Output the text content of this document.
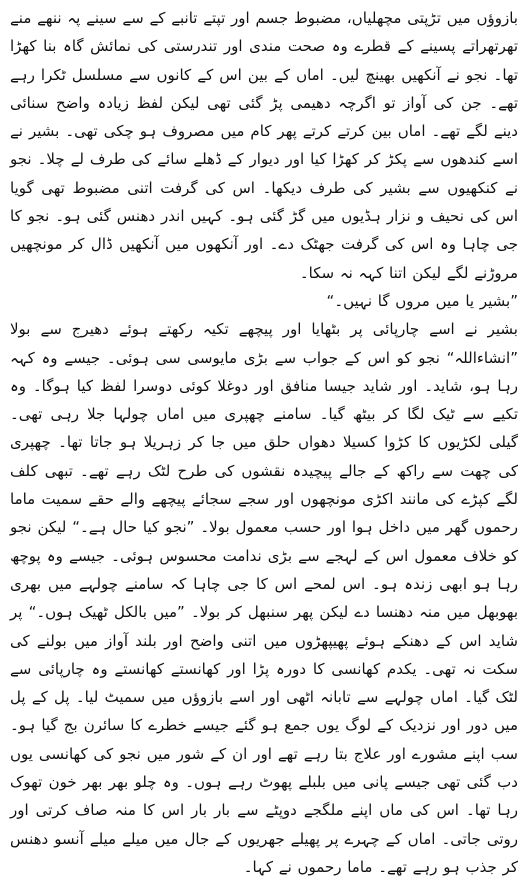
بازوؤں میں تڑپتی مچھلیاں، مضبوط جسم اور تپتے تانبے کے سے سینے پہ ننھے منے تھرتھراتے پسینے کے قطرے وہ صحت مندی اور تندرستی کی نمائش گاہ بنا کھڑا تھا۔ نجو نے آنکھیں بھینچ لیں۔ اماں کے بین اس کے کانوں سے مسلسل ٹکرا رہے تھے۔ جن کی آواز تو اگرچہ دھیمی پڑ گئی تھی لیکن لفظ زیادہ واضح سنائی دینے لگے تھے۔ اماں بین کرتے کرتے پھر کام میں مصروف ہو چکی تھی۔ بشیر نے اسے کندھوں سے پکڑ کر کھڑا کیا اور دیوار کے ڈھلے سائے کی طرف لے چلا۔ نجو نے کنکھیوں سے بشیر کی طرف دیکھا۔ اس کی گرفت اتنی مضبوط تھی گویا اس کی نحیف و نزار ہڈیوں میں گڑ گئی ہو۔ کہیں اندر دھنس گئی ہو۔ نجو کا جی چاہا وہ اس کی گرفت جھٹک دے۔ اور آنکھوں میں آنکھیں ڈال کر مونچھیں مروڑنے لگے لیکن اتنا کہہ نہ سکا۔

”بشیر یا میں مروں گا نہیں۔“

بشیر نے اسے چارپائی پر بٹھایا اور پیچھے تکیہ رکھتے ہوئے دھیرج سے بولا ”انشاءاللہ“ نجو کو اس کے جواب سے بڑی مایوسی سی ہوئی۔ جیسے وہ کہہ رہا ہو، شاید۔ اور شاید جیسا منافق اور دوغلا کوئی دوسرا لفظ کیا ہوگا۔ وہ تکیے سے ٹیک لگا کر بیٹھ گیا۔ سامنے چھپری میں اماں چولہا جلا رہی تھی۔ گیلی لکڑیوں کا کڑوا کسیلا دھواں حلق میں جا کر زہریلا ہو جاتا تھا۔ چھپری کی چھت سے راکھ کے جالے پیچیدہ نقشوں کی طرح لٹک رہے تھے۔ تبھی کلف لگے کپڑے کی مانند اکڑی مونچھوں اور سجے سجائے پیچھے والے حقے سمیت ماما رحموں گھر میں داخل ہوا اور حسب معمول بولا۔ ”نجو کیا حال ہے۔“ لیکن نجو کو خلاف معمول اس کے لہجے سے بڑی ندامت محسوس ہوئی۔ جیسے وہ پوچھ رہا ہو ابھی زندہ ہو۔ اس لمحے اس کا جی چاہا کہ سامنے چولہے میں بھری بھوبھل میں منہ دھنسا دے لیکن پھر سنبھل کر بولا۔ ”میں بالکل ٹھیک ہوں۔“ پر شاید اس کے دھنکے ہوئے پھیپھڑوں میں اتنی واضح اور بلند آواز میں بولنے کی سکت نہ تھی۔ یکدم کھانسی کا دورہ پڑا اور کھانستے کھانستے وہ چارپائی سے لٹک گیا۔ اماں چولہے سے تابانہ اٹھی اور اسے بازوؤں میں سمیٹ لیا۔ پل کے پل میں دور اور نزدیک کے لوگ یوں جمع ہو گئے جیسے خطرے کا سائرن بج گیا ہو۔ سب اپنے مشورے اور علاج بتا رہے تھے اور ان کے شور میں نجو کی کھانسی یوں دب گئی تھی جیسے پانی میں بلبلے پھوٹ رہے ہوں۔ وہ چلو بھر بھر خون تھوک رہا تھا۔ اس کی ماں اپنے ملگجے دوپٹے سے بار بار اس کا منہ صاف کرتی اور روتی جاتی۔ اماں کے چہرے پر پھیلے جھریوں کے جال میں میلے میلے آنسو دھنس کر جذب ہو رہے تھے۔ ماما رحموں نے کہا۔
